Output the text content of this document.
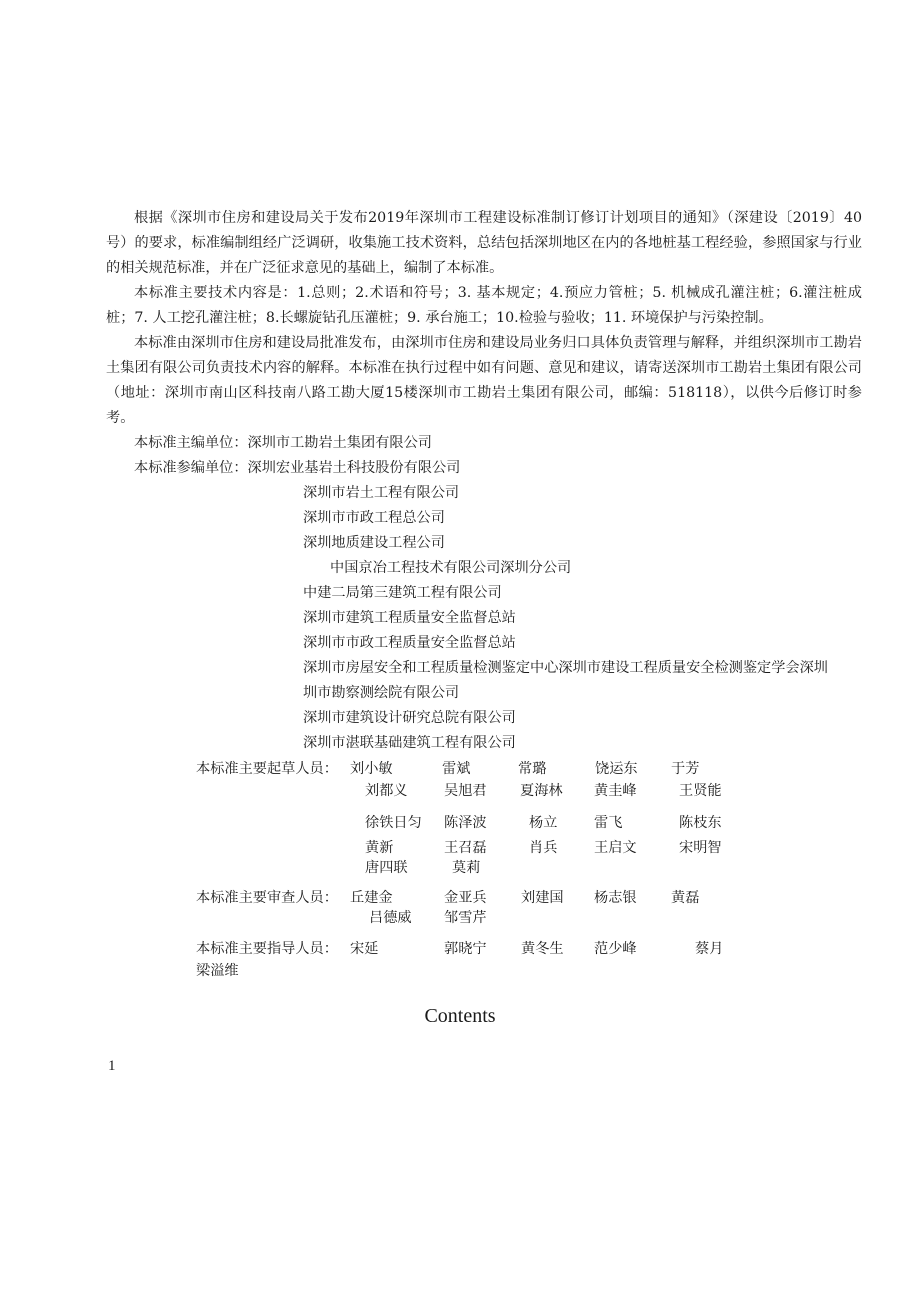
根据《深圳市住房和建设局关于发布2019年深圳市工程建设标准制订修订计划项目的通知》（深建设〔2019〕40号）的要求，标准编制组经广泛调研，收集施工技术资料，总结包括深圳地区在内的各地桩基工程经验，参照国家与行业的相关规范标准，并在广泛征求意见的基础上，编制了本标准。

本标准主要技术内容是：1.总则；2.术语和符号；3. 基本规定；4.预应力管桩；5. 机械成孔灌注桩；6.灌注桩成桩；7. 人工挖孔灌注桩；8.长螺旋钻孔压灌桩；9. 承台施工；10.检验与验收；11. 环境保护与污染控制。

本标准由深圳市住房和建设局批准发布，由深圳市住房和建设局业务归口具体负责管理与解释，并组织深圳市工勘岩土集团有限公司负责技术内容的解释。本标准在执行过程中如有问题、意见和建议，请寄送深圳市工勘岩土集团有限公司（地址：深圳市南山区科技南八路工勘大厦15楼深圳市工勘岩土集团有限公司，邮编：518118），以供今后修订时参考。

本标准主编单位：深圳市工勘岩土集团有限公司
本标准参编单位：深圳宏业基岩土科技股份有限公司
深圳市岩土工程有限公司
深圳市市政工程总公司
深圳地质建设工程公司
中国京冶工程技术有限公司深圳分公司
中建二局第三建筑工程有限公司
深圳市建筑工程质量安全监督总站
深圳市市政工程质量安全监督总站
深圳市房屋安全和工程质量检测鉴定中心深圳市建设工程质量安全检测鉴定学会深圳
圳市勘察测绘院有限公司
深圳市建筑设计研究总院有限公司
深圳市湛联基础建筑工程有限公司
本标准主要起草人员： 刘小敏	雷斌	常璐	饶运东 于芳
刘都义	吴旭君 夏海林 黄圭峰	王贤能
徐铁日匀 陈泽波	杨立	雷飞	陈枝东
黄新	王召磊	肖兵	王启文	宋明智
唐四联	莫莉
本标准主要审查人员： 丘建金	金亚兵 刘建国 杨志银 黄磊
吕德威 邹雪芹
本标准主要指导人员： 宋延	郭晓宁 黄冬生 范少峰	蔡月
梁溢维
Contents
1
